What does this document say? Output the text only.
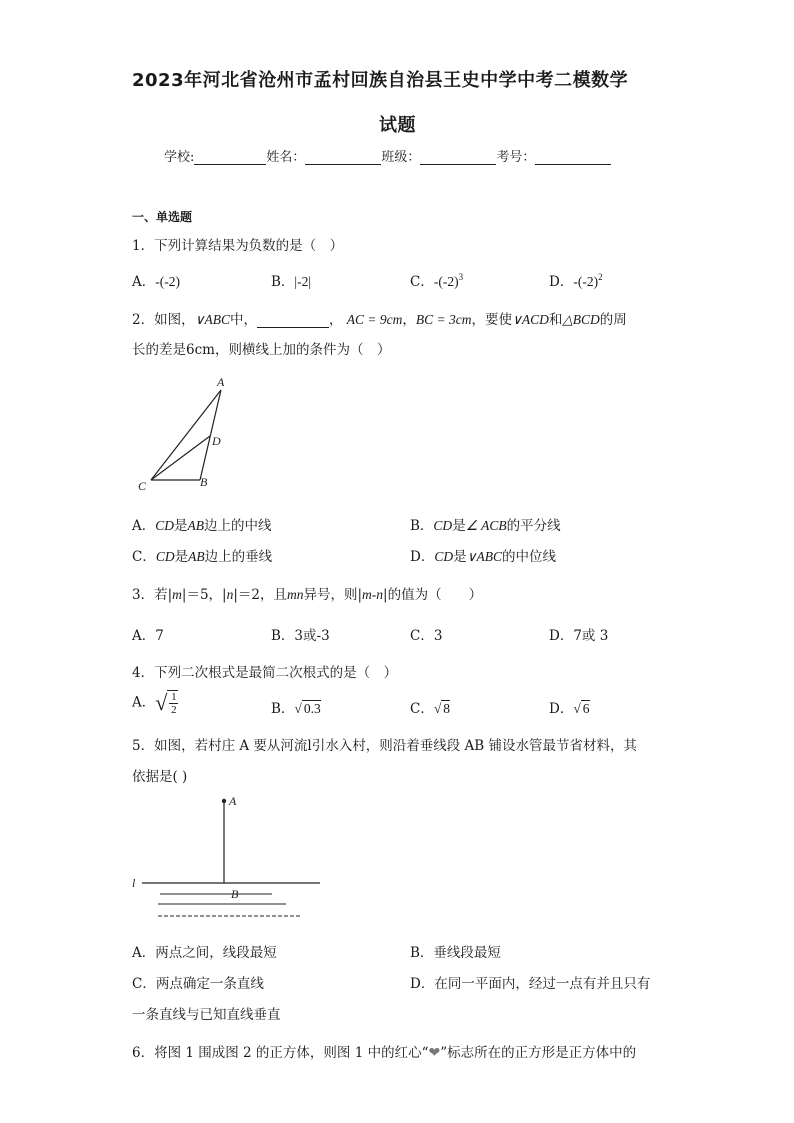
2023年河北省沧州市孟村回族自治县王史中学中考二模数学
试题
学校:	姓名：	班级：	考号：
一、单选题
1．下列计算结果为负数的是（　）
A．-(-2)	B．|-2|	C．$-(-2)^3$	D．$-(-2)^2$
2．如图，∨ABC中，	， AC = 9cm，BC = 3cm，要使∨ACD和△BCD的周
长的差是6cm，则横线上加的条件为（　）
A
D
C	B
A．CD是AB边上的中线	B．CD是∠ ACB的平分线
C．CD是AB边上的垂线	D．CD是∨ABC的中位线
3．若|m|＝5，|n|＝2，且mn异号，则|m-n|的值为（　　）
A．7	B．3或-3	C．3	D．7或 3
4．下列二次根式是最简二次根式的是（　）
A．√ $\frac{1}{2}$	B．√ 0.3	C．√ 8	D．√ 6
5．如图，若村庄 A 要从河流l引水入村，则沿着垂线段 AB 铺设水管最节省材料，其
依据是( )
A
B
l
A．两点之间，线段最短	B．垂线段最短
C．两点确定一条直线	D．在同一平面内，经过一点有并且只有
一条直线与已知直线垂直
6．将图 1 围成图 2 的正方体，则图 1 中的红心“❤”标志所在的正方形是正方体中的
